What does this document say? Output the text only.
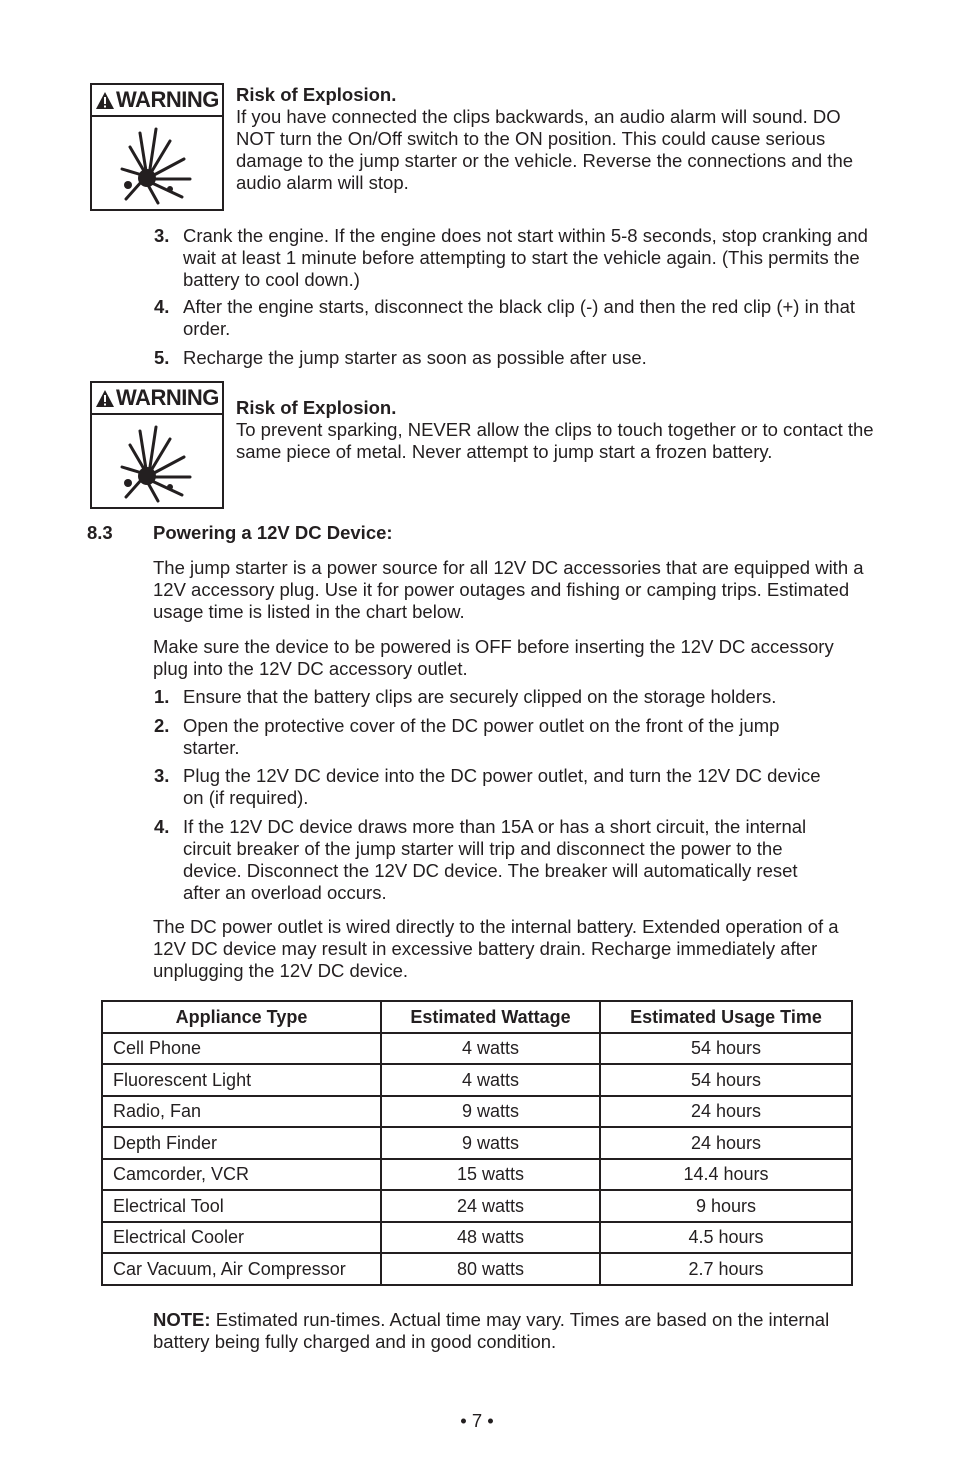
WARNING Risk of Explosion.
If you have connected the clips backwards, an audio alarm will sound. DO NOT turn the On/Off switch to the ON position. This could cause serious damage to the jump starter or the vehicle. Reverse the connections and the audio alarm will stop.
3. Crank the engine. If the engine does not start within 5-8 seconds, stop cranking and wait at least 1 minute before attempting to start the vehicle again. (This permits the battery to cool down.)
4. After the engine starts, disconnect the black clip (-) and then the red clip (+) in that order.
5. Recharge the jump starter as soon as possible after use.
WARNING Risk of Explosion.
To prevent sparking, NEVER allow the clips to touch together or to contact the same piece of metal. Never attempt to jump start a frozen battery.
8.3 Powering a 12V DC Device:
The jump starter is a power source for all 12V DC accessories that are equipped with a 12V accessory plug. Use it for power outages and fishing or camping trips. Estimated usage time is listed in the chart below.
Make sure the device to be powered is OFF before inserting the 12V DC accessory plug into the 12V DC accessory outlet.
1. Ensure that the battery clips are securely clipped on the storage holders.
2. Open the protective cover of the DC power outlet on the front of the jump starter.
3. Plug the 12V DC device into the DC power outlet, and turn the 12V DC device on (if required).
4. If the 12V DC device draws more than 15A or has a short circuit, the internal circuit breaker of the jump starter will trip and disconnect the power to the device. Disconnect the 12V DC device. The breaker will automatically reset after an overload occurs.
The DC power outlet is wired directly to the internal battery. Extended operation of a 12V DC device may result in excessive battery drain. Recharge immediately after unplugging the 12V DC device.
Appliance Type	Estimated Wattage	Estimated Usage Time
Cell Phone	4 watts	54 hours
Fluorescent Light	4 watts	54 hours
Radio, Fan	9 watts	24 hours
Depth Finder	9 watts	24 hours
Camcorder, VCR	15 watts	14.4 hours
Electrical Tool	24 watts	9 hours
Electrical Cooler	48 watts	4.5 hours
Car Vacuum, Air Compressor	80 watts	2.7 hours
NOTE: Estimated run-times. Actual time may vary. Times are based on the internal battery being fully charged and in good condition.
• 7 •
